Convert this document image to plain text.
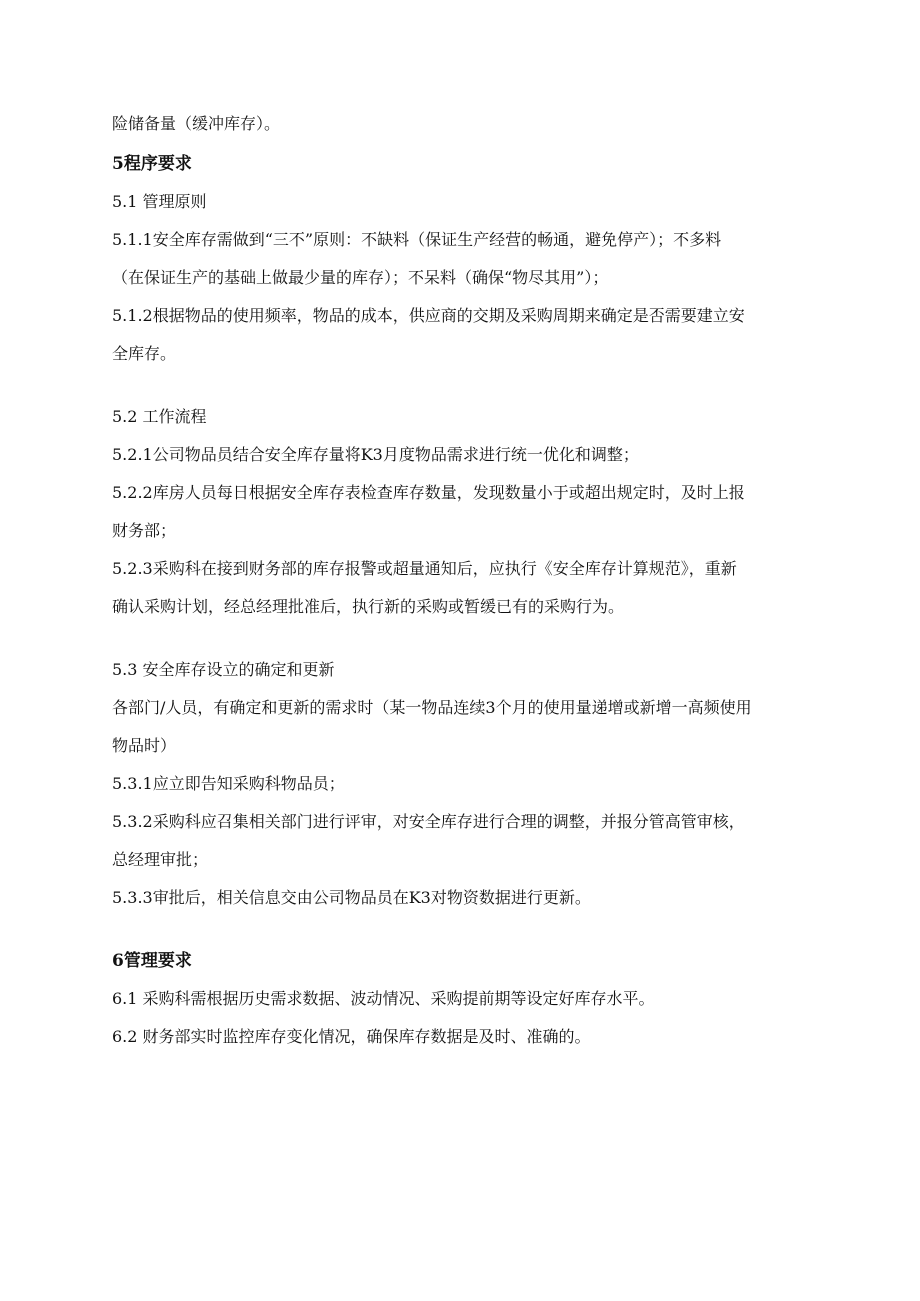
险储备量（缓冲库存）。
5程序要求
5.1 管理原则
5.1.1安全库存需做到“三不”原则：不缺料（保证生产经营的畅通，避免停产）；不多料
（在保证生产的基础上做最少量的库存）；不呆料（确保“物尽其用”）；
5.1.2根据物品的使用频率，物品的成本，供应商的交期及采购周期来确定是否需要建立安
全库存。
5.2 工作流程
5.2.1公司物品员结合安全库存量将K3月度物品需求进行统一优化和调整；
5.2.2库房人员每日根据安全库存表检查库存数量，发现数量小于或超出规定时，及时上报
财务部；
5.2.3采购科在接到财务部的库存报警或超量通知后，应执行《安全库存计算规范》，重新
确认采购计划，经总经理批准后，执行新的采购或暂缓已有的采购行为。
5.3 安全库存设立的确定和更新
各部门/人员，有确定和更新的需求时（某一物品连续3个月的使用量递增或新增一高频使用
物品时）
5.3.1应立即告知采购科物品员；
5.3.2采购科应召集相关部门进行评审，对安全库存进行合理的调整，并报分管高管审核，
总经理审批；
5.3.3审批后，相关信息交由公司物品员在K3对物资数据进行更新。
6管理要求
6.1 采购科需根据历史需求数据、波动情况、采购提前期等设定好库存水平。
6.2 财务部实时监控库存变化情况，确保库存数据是及时、准确的。
